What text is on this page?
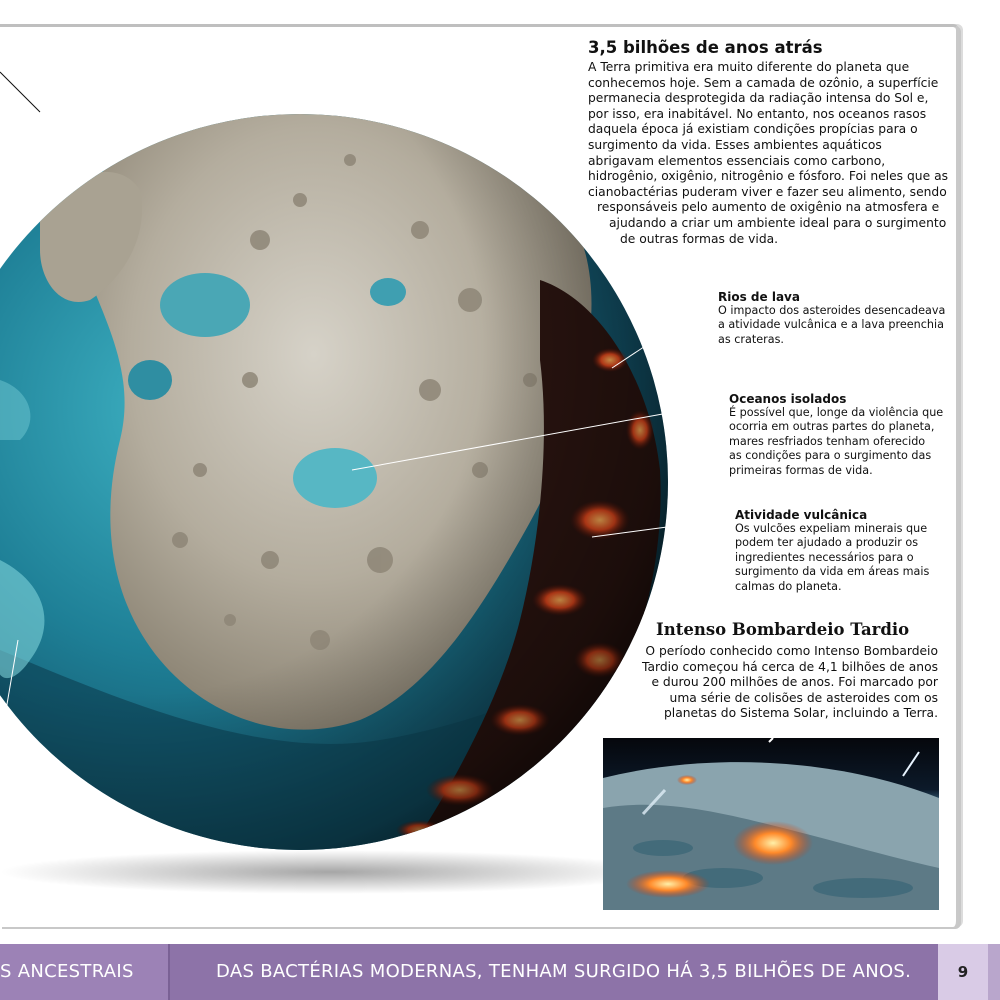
3,5 bilhões de anos atrás
A Terra primitiva era muito diferente do planeta que
conhecemos hoje. Sem a camada de ozônio, a superfície
permanecia desprotegida da radiação intensa do Sol e,
por isso, era inabitável. No entanto, nos oceanos rasos
daquela época já existiam condições propícias para o
surgimento da vida. Esses ambientes aquáticos
abrigavam elementos essenciais como carbono,
hidrogênio, oxigênio, nitrogênio e fósforo. Foi neles que as
cianobactérias puderam viver e fazer seu alimento, sendo
responsáveis pelo aumento de oxigênio na atmosfera e
ajudando a criar um ambiente ideal para o surgimento
de outras formas de vida.
Rios de lava
O impacto dos asteroides desencadeava
a atividade vulcânica e a lava preenchia
as crateras.
Oceanos isolados
É possível que, longe da violência que
ocorria em outras partes do planeta,
mares resfriados tenham oferecido
as condições para o surgimento das
primeiras formas de vida.
Atividade vulcânica
Os vulcões expeliam minerais que
podem ter ajudado a produzir os
ingredientes necessários para o
surgimento da vida em áreas mais
calmas do planeta.
Intenso Bombardeio Tardio
O período conhecido como Intenso Bombardeio
Tardio começou há cerca de 4,1 bilhões de anos
e durou 200 milhões de anos. Foi marcado por
uma série de colisões de asteroides com os
planetas do Sistema Solar, incluindo a Terra.
S ANCESTRAIS	DAS BACTÉRIAS MODERNAS, TENHAM SURGIDO HÁ 3,5 BILHÕES DE ANOS.	9
